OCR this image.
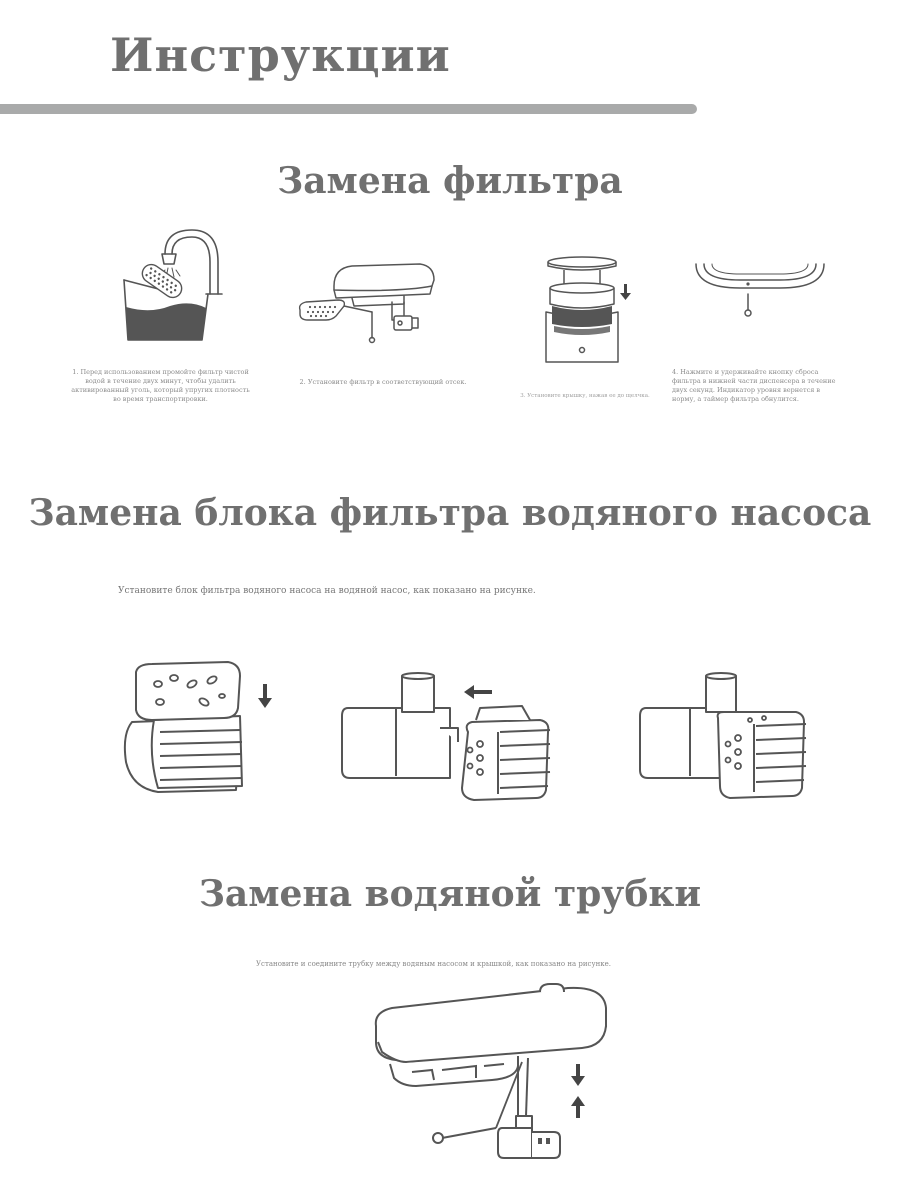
Инструкции
Замена фильтра
1. Перед использованием промойте фильтр чистой водой в течение двух минут, чтобы удалить активированный уголь, который упругих плотность во время транспортировки.
2. Установите фильтр в соответствующий отсек.
3. Установите крышку, нажав ее до щелчка.
4. Нажмите и удерживайте кнопку сброса фильтра в нижней части диспенсера в течение двух секунд. Индикатор уровня вернется в норму, а таймер фильтра обнулится.
Замена блока фильтра водяного насоса
Установите блок фильтра водяного насоса на водяной насос, как показано на рисунке.
Замена водяной трубки
Установите и соедините трубку между водяным насосом и крышкой, как показано на рисунке.
